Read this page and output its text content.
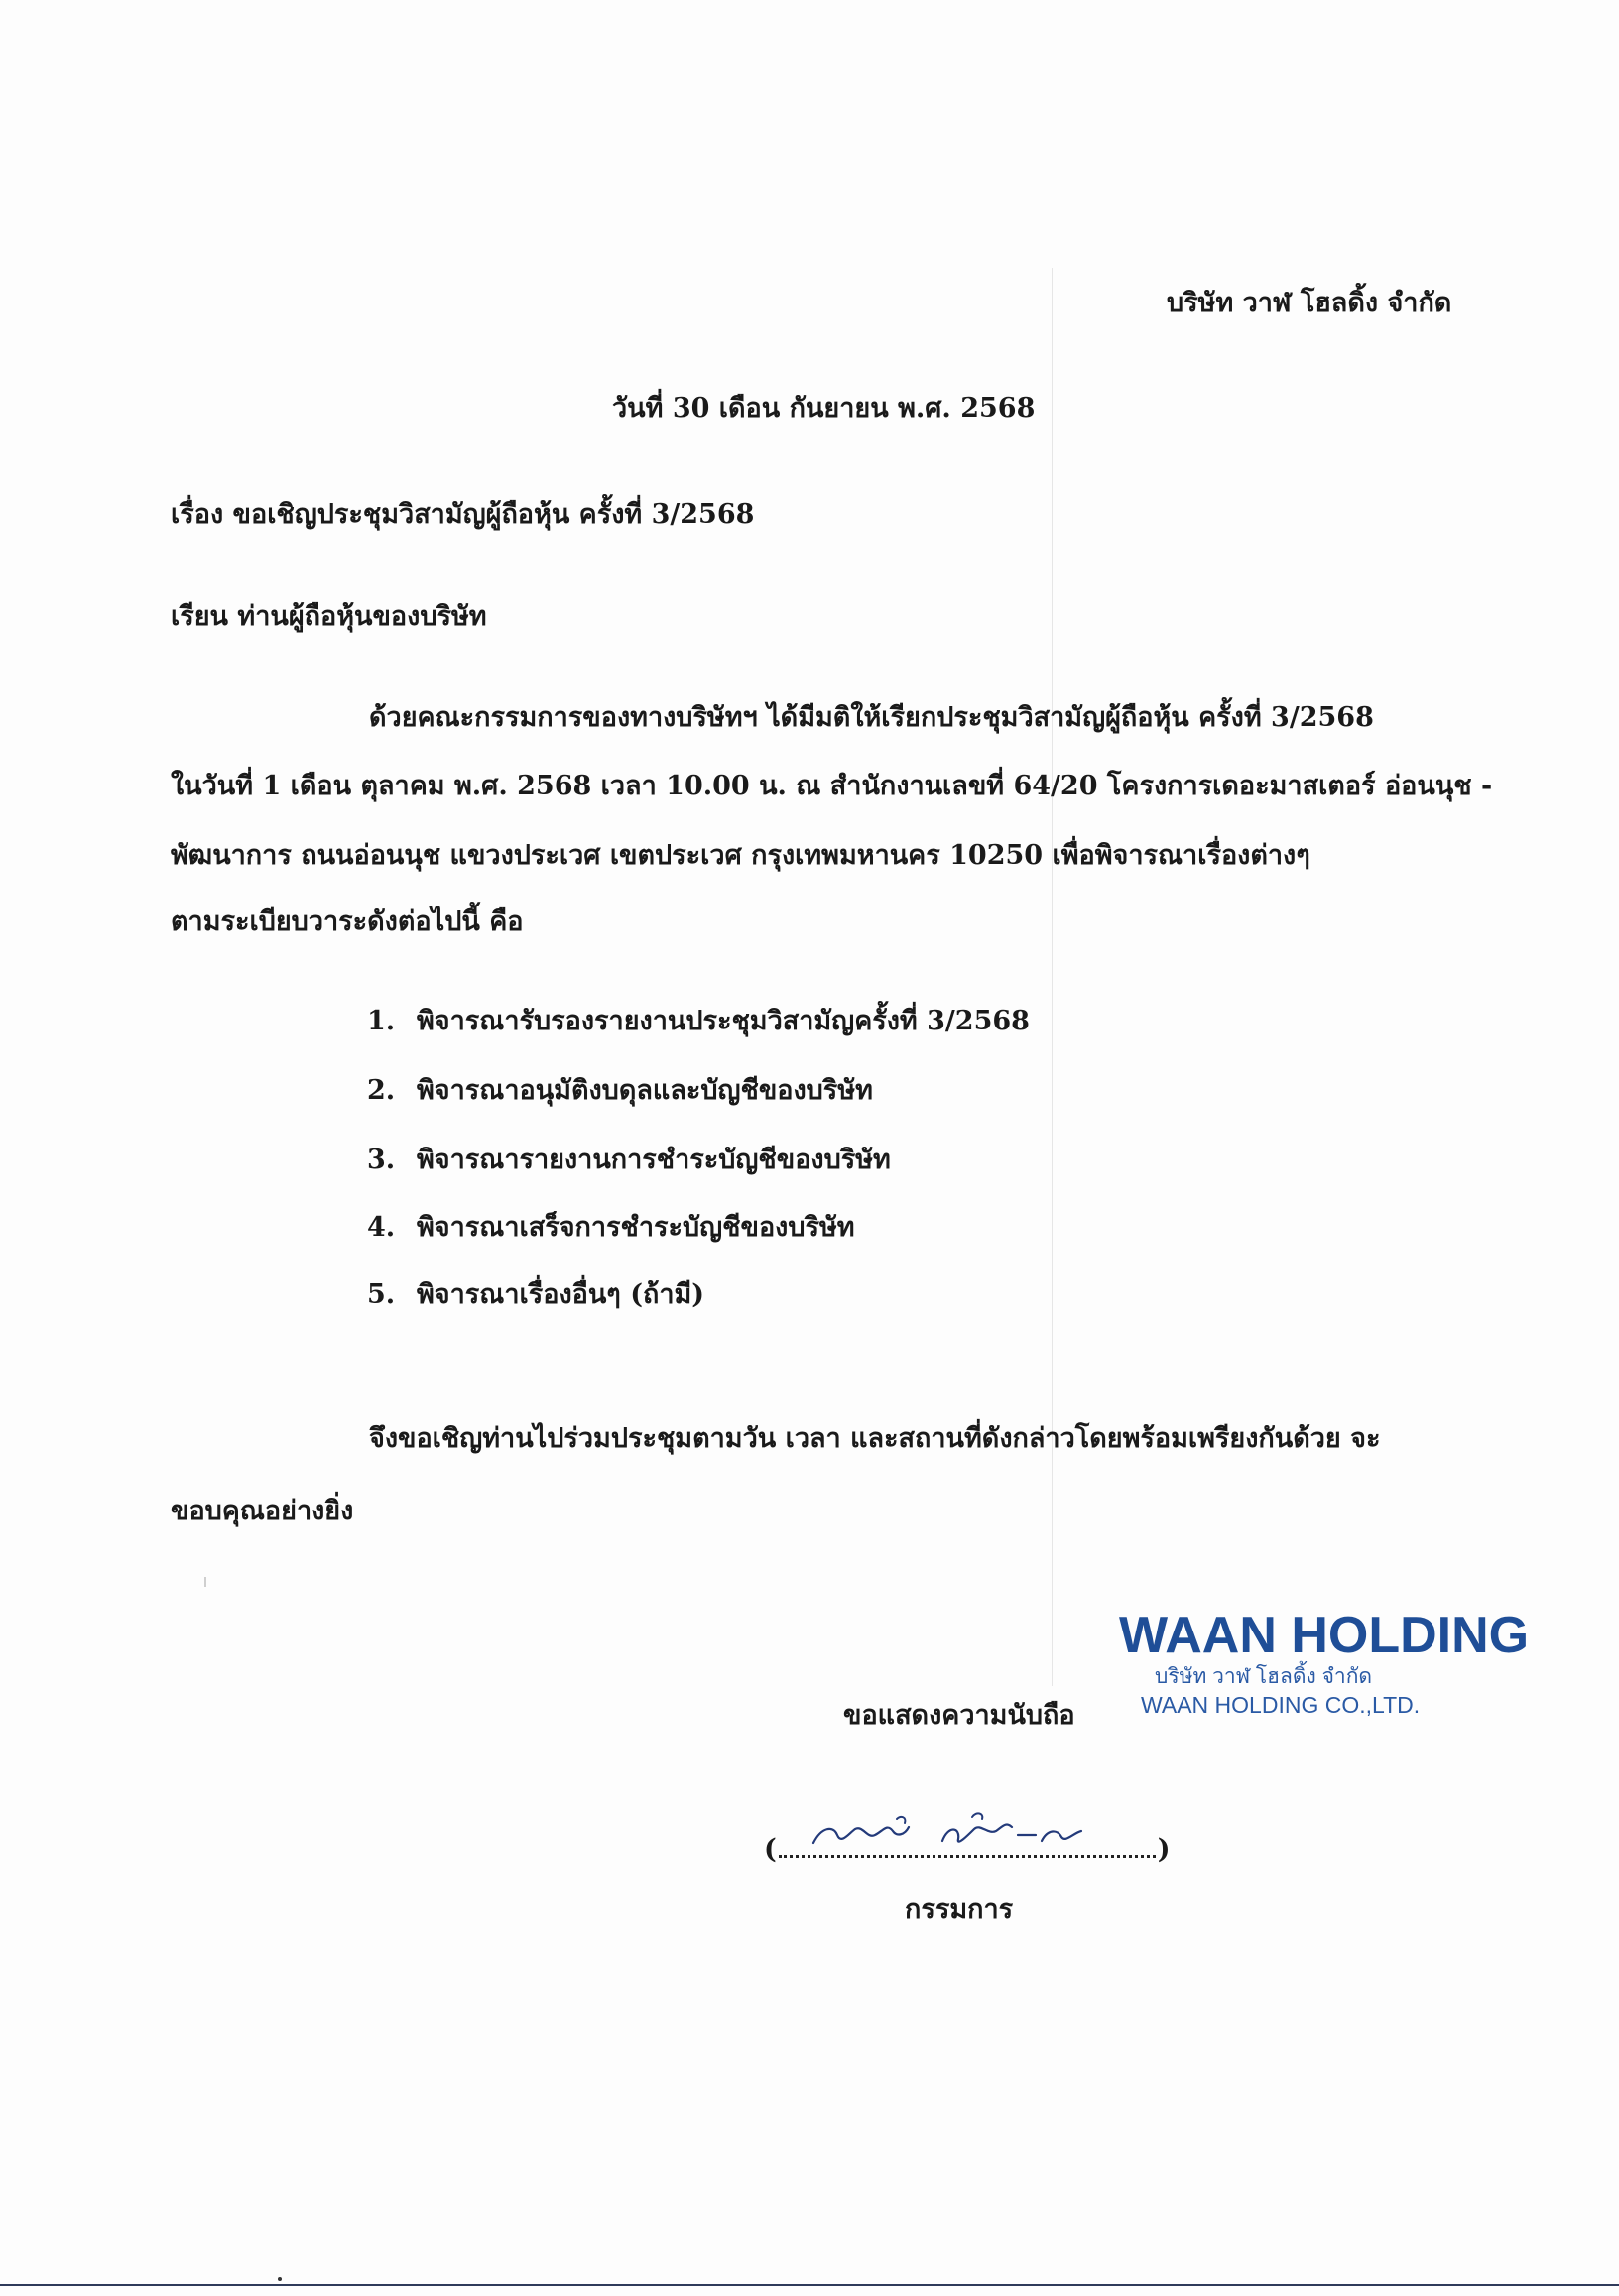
บริษัท วาฬ โฮลดิ้ง จำกัด
วันที่ 30 เดือน กันยายน พ.ศ. 2568
เรื่อง ขอเชิญประชุมวิสามัญผู้ถือหุ้น ครั้งที่ 3/2568
เรียน ท่านผู้ถือหุ้นของบริษัท
ด้วยคณะกรรมการของทางบริษัทฯ ได้มีมติให้เรียกประชุมวิสามัญผู้ถือหุ้น ครั้งที่ 3/2568
ในวันที่ 1 เดือน ตุลาคม พ.ศ. 2568 เวลา 10.00 น. ณ สำนักงานเลขที่ 64/20 โครงการเดอะมาสเตอร์ อ่อนนุช -
พัฒนาการ ถนนอ่อนนุช แขวงประเวศ เขตประเวศ กรุงเทพมหานคร 10250 เพื่อพิจารณาเรื่องต่างๆ
ตามระเบียบวาระดังต่อไปนี้ คือ
1. พิจารณารับรองรายงานประชุมวิสามัญครั้งที่ 3/2568
2. พิจารณาอนุมัติงบดุลและบัญชีของบริษัท
3. พิจารณารายงานการชำระบัญชีของบริษัท
4. พิจารณาเสร็จการชำระบัญชีของบริษัท
5. พิจารณาเรื่องอื่นๆ (ถ้ามี)
จึงขอเชิญท่านไปร่วมประชุมตามวัน เวลา และสถานที่ดังกล่าวโดยพร้อมเพรียงกันด้วย จะ
ขอบคุณอย่างยิ่ง
WAAN HOLDING
บริษัท วาฬ โฮลดิ้ง จำกัด
WAAN HOLDING CO.,LTD.
ขอแสดงความนับถือ
(	)
กรรมการ
